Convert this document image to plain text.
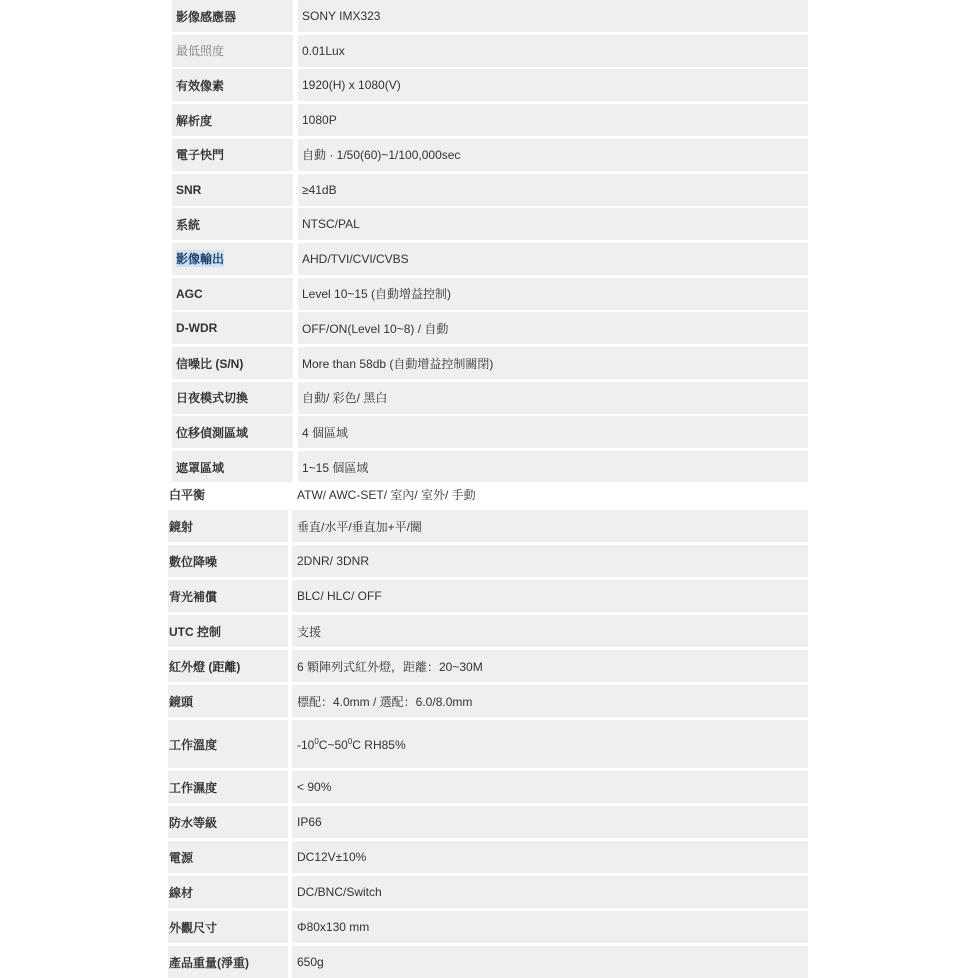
影像感應器	SONY IMX323
最低照度	0.01Lux
有效像素	1920(H) x 1080(V)
解析度	1080P
電子快門	自動 · 1/50(60)~1/100,000sec
SNR	≥41dB
系統	NTSC/PAL
影像輸出	AHD/TVI/CVI/CVBS
AGC	Level 10~15 (自動增益控制)
D-WDR	OFF/ON(Level 10~8) / 自動
信噪比 (S/N)	More than 58db (自動增益控制關閉)
日夜模式切換	自動/ 彩色/ 黑白
位移偵測區域	4 個區域
遮罩區域	1~15 個區域
白平衡	ATW/ AWC-SET/ 室內/ 室外/ 手動
鏡射	垂直/水平/垂直加+平/關
數位降噪	2DNR/ 3DNR
背光補償	BLC/ HLC/ OFF
UTC 控制	支援
紅外燈 (距離)	6 顆陣列式紅外燈，距離：20~30M
鏡頭	標配：4.0mm / 選配：6.0/8.0mm
工作溫度	$-10^0C\sim 50^0C$ RH85%
工作濕度	< 90%
防水等級	IP66
電源	DC12V±10%
線材	DC/BNC/Switch
外觀尺寸	Φ80x130 mm
產品重量(淨重)	650g
